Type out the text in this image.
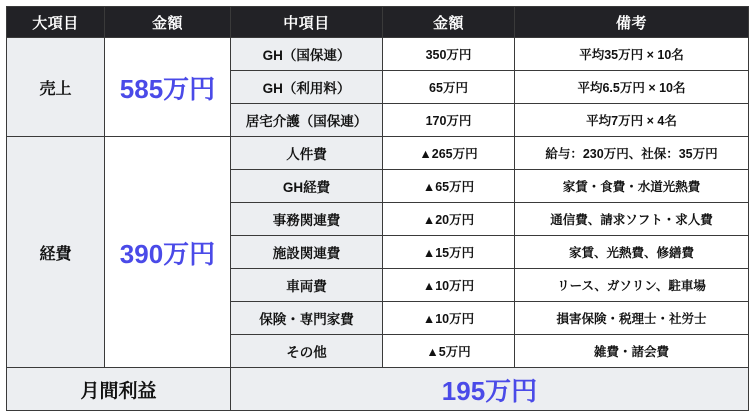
大項目	金額	中項目	金額	備考
売上	585万円	GH（国保連）	350万円	平均35万円 × 10名
		GH（利用料）	65万円	平均6.5万円 × 10名
		居宅介護（国保連）	170万円	平均7万円 × 4名
経費	390万円	人件費	▲265万円	給与：230万円、社保：35万円
		GH経費	▲65万円	家賃・食費・水道光熱費
		事務関連費	▲20万円	通信費、請求ソフト・求人費
		施設関連費	▲15万円	家賃、光熱費、修繕費
		車両費	▲10万円	リース、ガソリン、駐車場
		保険・専門家費	▲10万円	損害保険・税理士・社労士
		その他	▲5万円	雑費・諸会費
月間利益		195万円		
